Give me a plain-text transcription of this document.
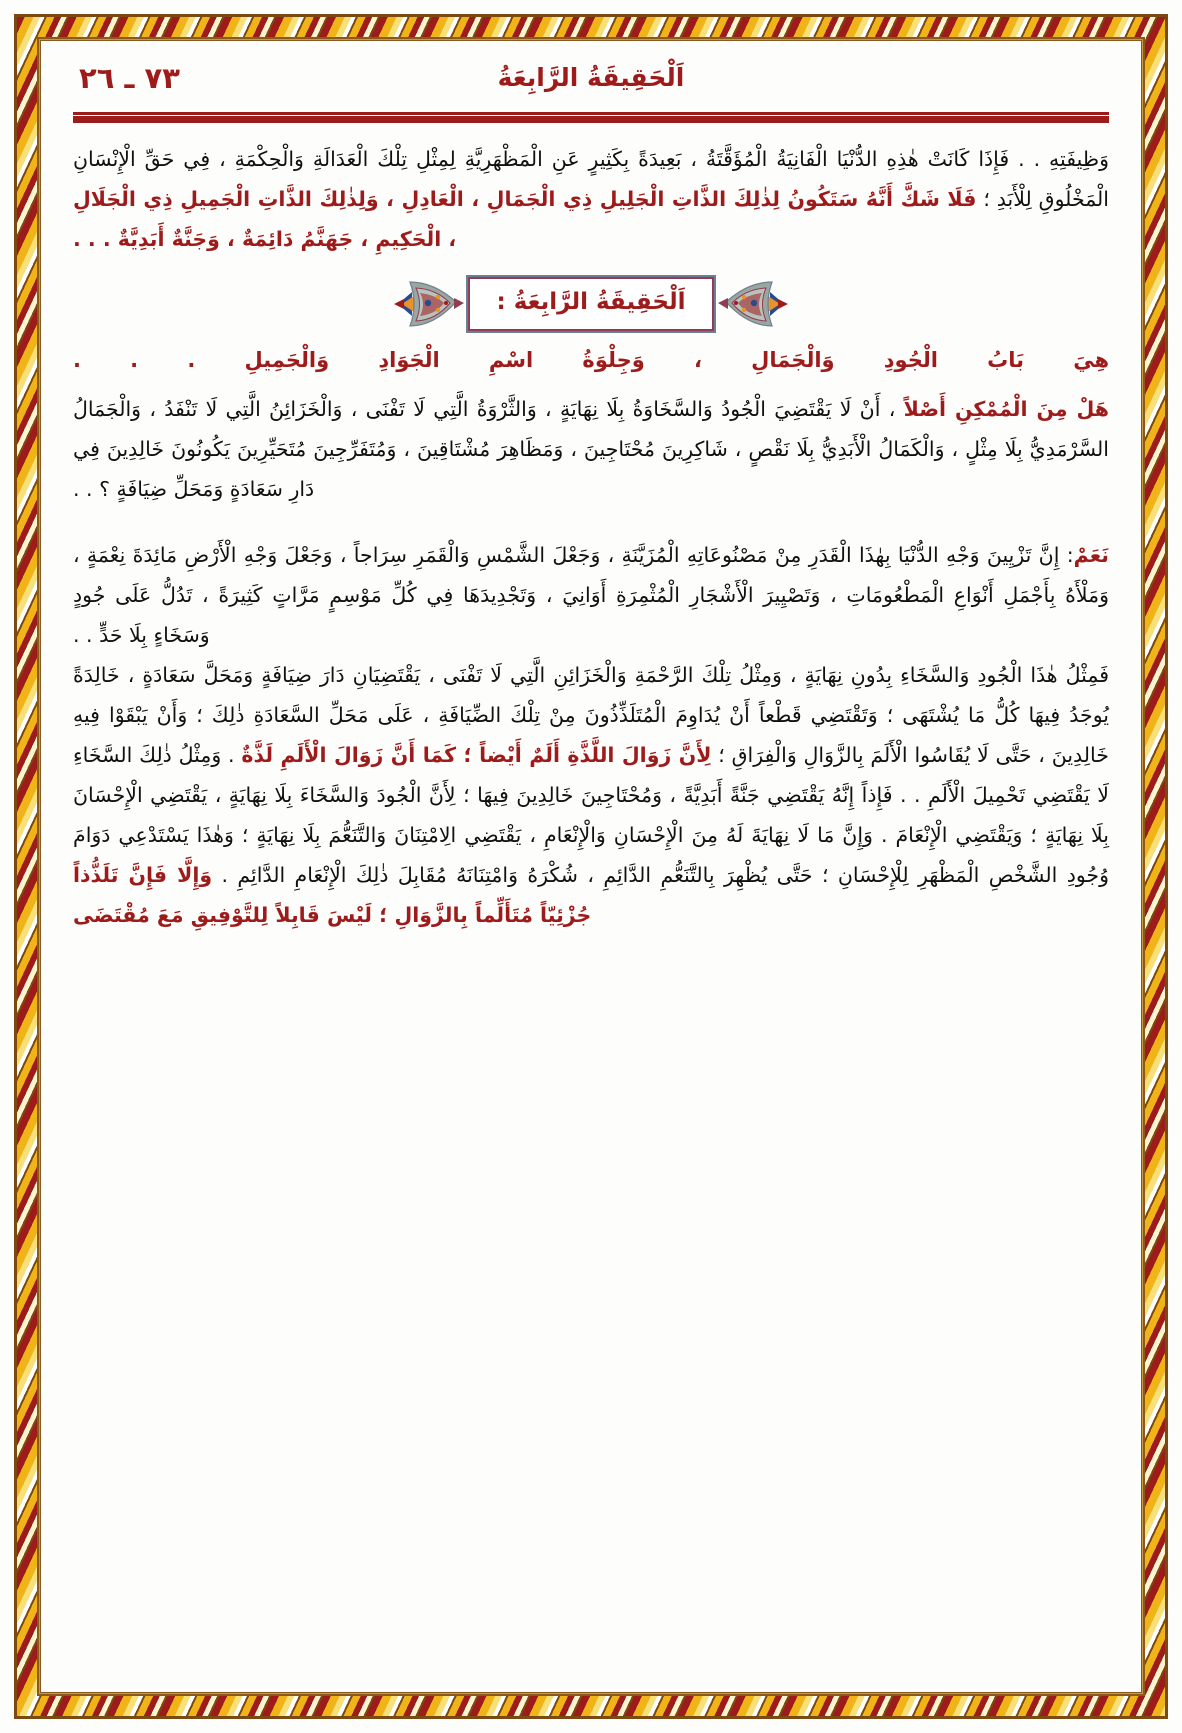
٧٣ ـ ٢٦	اَلْحَقِيقَةُ الرَّابِعَةُ

وَظِيفَتِهِ . . فَإِذَا كَانَتْ هٰذِهِ الدُّنْيَا الْفَانِيَةُ الْمُؤَقَّتَةُ ، بَعِيدَةً بِكَثِيرٍ عَنِ الْمَظْهَرِيَّةِ لِمِثْلِ تِلْكَ الْعَدَالَةِ وَالْحِكْمَةِ ، فِي حَقِّ الْإِنْسَانِ الْمَخْلُوقِ لِلْأَبَدِ ؛ فَلَا شَكَّ أَنَّهُ سَتَكُونُ لِذٰلِكَ الذَّاتِ الْجَلِيلِ ذِي الْجَمَالِ ، الْعَادِلِ ، وَلِذٰلِكَ الذَّاتِ الْجَمِيلِ ذِي الْجَلَالِ ، الْحَكِيمِ ، جَهَنَّمُ دَائِمَةٌ ، وَجَنَّةٌ أَبَدِيَّةٌ . . .

اَلْحَقِيقَةُ الرَّابِعَةُ :
هِيَ بَابُ الْجُودِ وَالْجَمَالِ ، وَجِلْوَةُ اسْمِ الْجَوَادِ وَالْجَمِيلِ . . .

هَلْ مِنَ الْمُمْكِنِ أَصْلاً ، أَنْ لَا يَقْتَضِيَ الْجُودُ وَالسَّخَاوَةُ بِلَا نِهَايَةٍ ، وَالثَّرْوَةُ الَّتِي لَا تَفْنَى ، وَالْخَزَائِنُ الَّتِي لَا تَنْفَدُ ، وَالْجَمَالُ السَّرْمَدِيُّ بِلَا مِثْلٍ ، وَالْكَمَالُ الْأَبَدِيُّ بِلَا نَقْصٍ ، شَاكِرِينَ مُحْتَاجِينَ ، وَمَظَاهِرَ مُشْتَاقِينَ ، وَمُتَفَرِّجِينَ مُتَحَيِّرِينَ يَكُونُونَ خَالِدِينَ فِي دَارِ سَعَادَةٍ وَمَحَلِّ ضِيَافَةٍ ؟ . .

نَعَمْ: إِنَّ تَزْيِينَ وَجْهِ الدُّنْيَا بِهٰذَا الْقَدَرِ مِنْ مَصْنُوعَاتِهِ الْمُزَيَّنَةِ ، وَجَعْلَ الشَّمْسِ وَالْقَمَرِ سِرَاجاً ، وَجَعْلَ وَجْهِ الْأَرْضِ مَائِدَةَ نِعْمَةٍ ، وَمَلْأَهُ بِأَجْمَلِ أَنْوَاعِ الْمَطْعُومَاتِ ، وَتَصْيِيرَ الْأَشْجَارِ الْمُثْمِرَةِ أَوَانِيَ ، وَتَجْدِيدَهَا فِي كُلِّ مَوْسِمٍ مَرَّاتٍ كَثِيرَةً ، تَدُلُّ عَلَى جُودٍ وَسَخَاءٍ بِلَا حَدٍّ . .

فَمِثْلُ هٰذَا الْجُودِ وَالسَّخَاءِ بِدُونِ نِهَايَةٍ ، وَمِثْلُ تِلْكَ الرَّحْمَةِ وَالْخَزَائِنِ الَّتِي لَا تَفْنَى ، يَقْتَضِيَانِ دَارَ ضِيَافَةٍ وَمَحَلَّ سَعَادَةٍ ، خَالِدَةً يُوجَدُ فِيهَا كُلُّ مَا يُشْتَهَى ؛ وَتَقْتَضِي قَطْعاً أَنْ يُدَاوِمَ الْمُتَلَذِّذُونَ مِنْ تِلْكَ الضِّيَافَةِ ، عَلَى مَحَلِّ السَّعَادَةِ ذٰلِكَ ؛ وَأَنْ يَبْقَوْا فِيهِ خَالِدِينَ ، حَتَّى لَا يُقَاسُوا الْأَلَمَ بِالزَّوَالِ وَالْفِرَاقِ ؛ لِأَنَّ زَوَالَ اللَّذَّةِ أَلَمٌ أَيْضاً ؛ كَمَا أَنَّ زَوَالَ الْأَلَمِ لَذَّةٌ . وَمِثْلُ ذٰلِكَ السَّخَاءِ لَا يَقْتَضِي تَحْمِيلَ الْأَلَمِ . . فَإِذاً إِنَّهُ يَقْتَضِي جَنَّةً أَبَدِيَّةً ، وَمُحْتَاجِينَ خَالِدِينَ فِيهَا ؛ لِأَنَّ الْجُودَ وَالسَّخَاءَ بِلَا نِهَايَةٍ ، يَقْتَضِي الْإِحْسَانَ بِلَا نِهَايَةٍ ؛ وَيَقْتَضِي الْإِنْعَامَ . وَإِنَّ مَا لَا نِهَايَةَ لَهُ مِنَ الْإِحْسَانِ وَالْإِنْعَامِ ، يَقْتَضِي الِامْتِنَانَ وَالتَّنَعُّمَ بِلَا نِهَايَةٍ ؛ وَهٰذَا يَسْتَدْعِي دَوَامَ وُجُودِ الشَّخْصِ الْمَظْهَرِ لِلْإِحْسَانِ ؛ حَتَّى يُظْهِرَ بِالتَّنَعُّمِ الدَّائِمِ ، شُكْرَهُ وَامْتِنَانَهُ مُقَابِلَ ذٰلِكَ الْإِنْعَامِ الدَّائِمِ . وَإِلَّا فَإِنَّ تَلَذُّذاً جُزْئِيّاً مُتَأَلِّماً بِالزَّوَالِ ؛ لَيْسَ قَابِلاً لِلتَّوْفِيقِ مَعَ مُقْتَضَى
